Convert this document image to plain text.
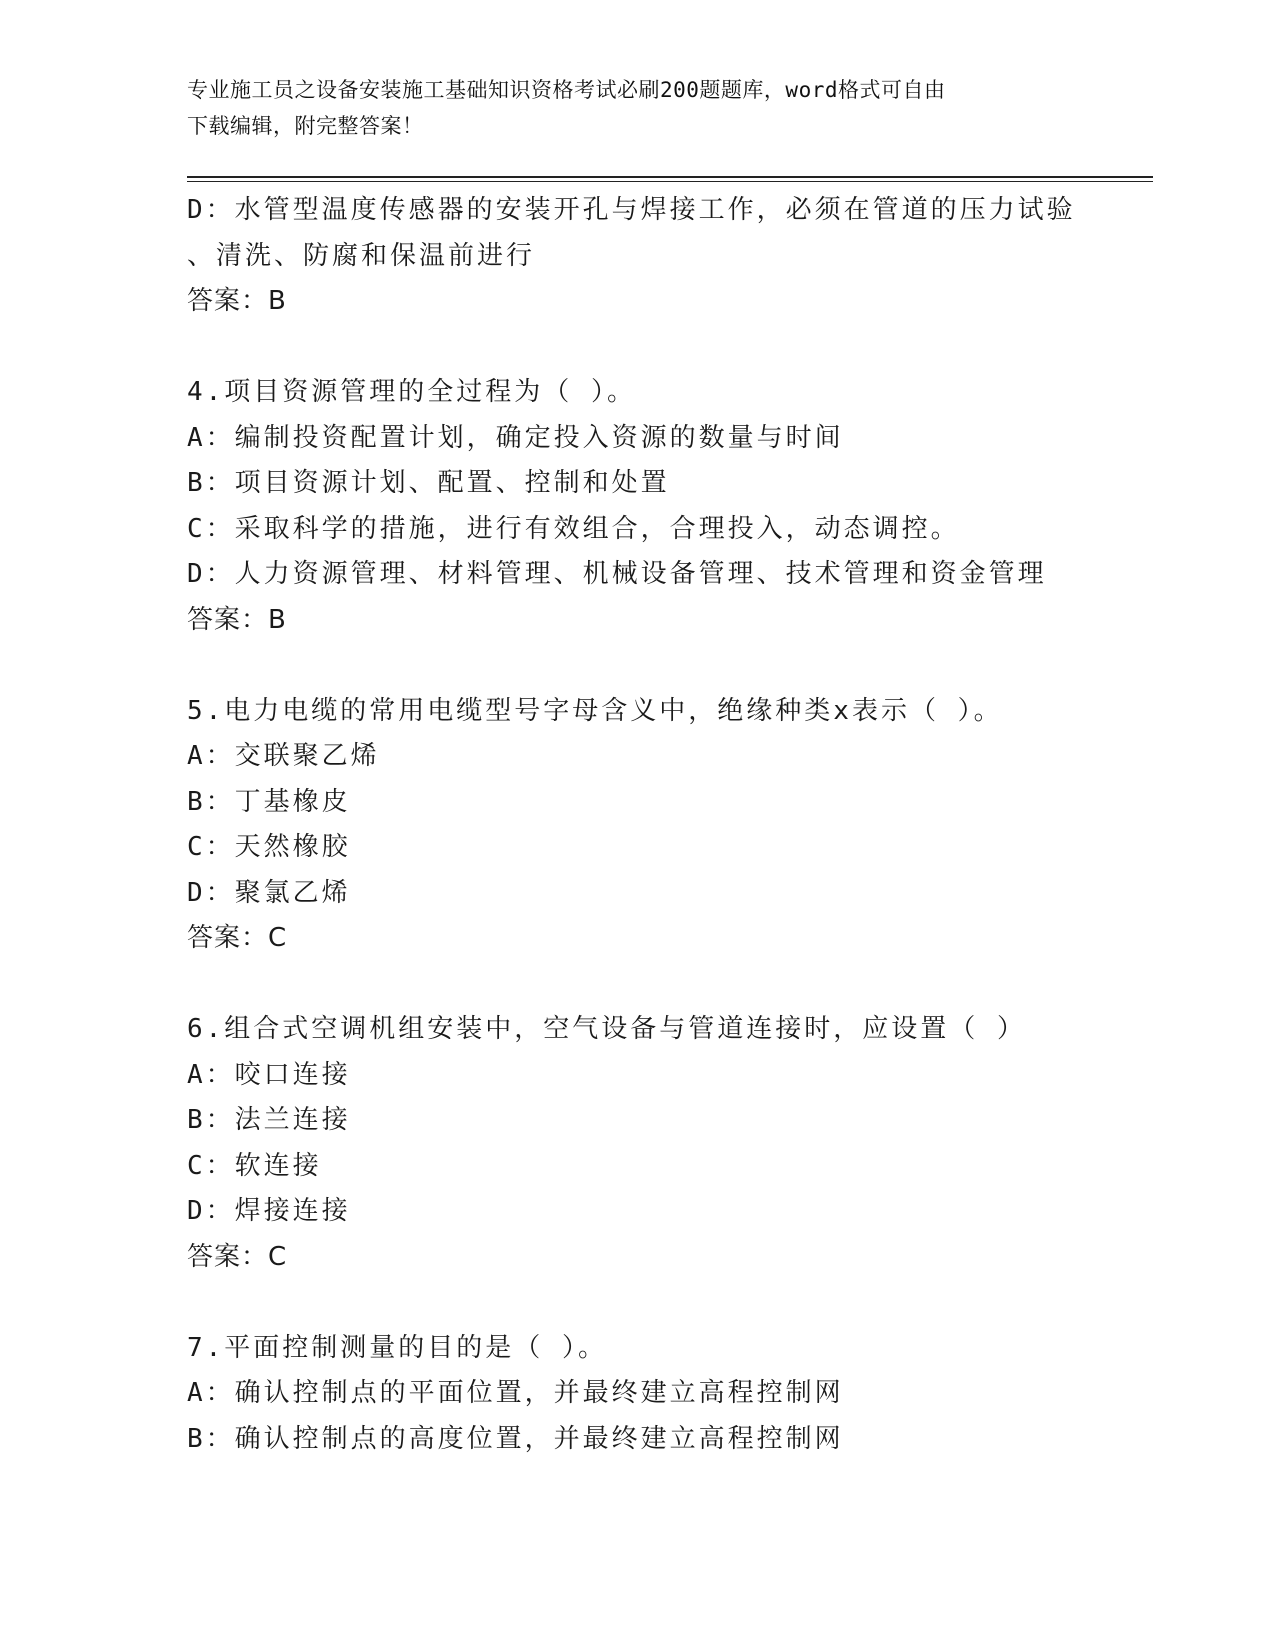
专业施工员之设备安装施工基础知识资格考试必刷200题题库，word格式可自由
下载编辑，附完整答案！
D：水管型温度传感器的安装开孔与焊接工作，必须在管道的压力试验
、清洗、防腐和保温前进行
答案：B
4.项目资源管理的全过程为（ ）。
A：编制投资配置计划，确定投入资源的数量与时间
B：项目资源计划、配置、控制和处置
C：采取科学的措施，进行有效组合，合理投入，动态调控。
D：人力资源管理、材料管理、机械设备管理、技术管理和资金管理
答案：B
5.电力电缆的常用电缆型号字母含义中，绝缘种类x表示（ ）。
A：交联聚乙烯
B：丁基橡皮
C：天然橡胶
D：聚氯乙烯
答案：C
6.组合式空调机组安装中，空气设备与管道连接时，应设置（ ）
A：咬口连接
B：法兰连接
C：软连接
D：焊接连接
答案：C
7.平面控制测量的目的是（ ）。
A：确认控制点的平面位置，并最终建立高程控制网
B：确认控制点的高度位置，并最终建立高程控制网
